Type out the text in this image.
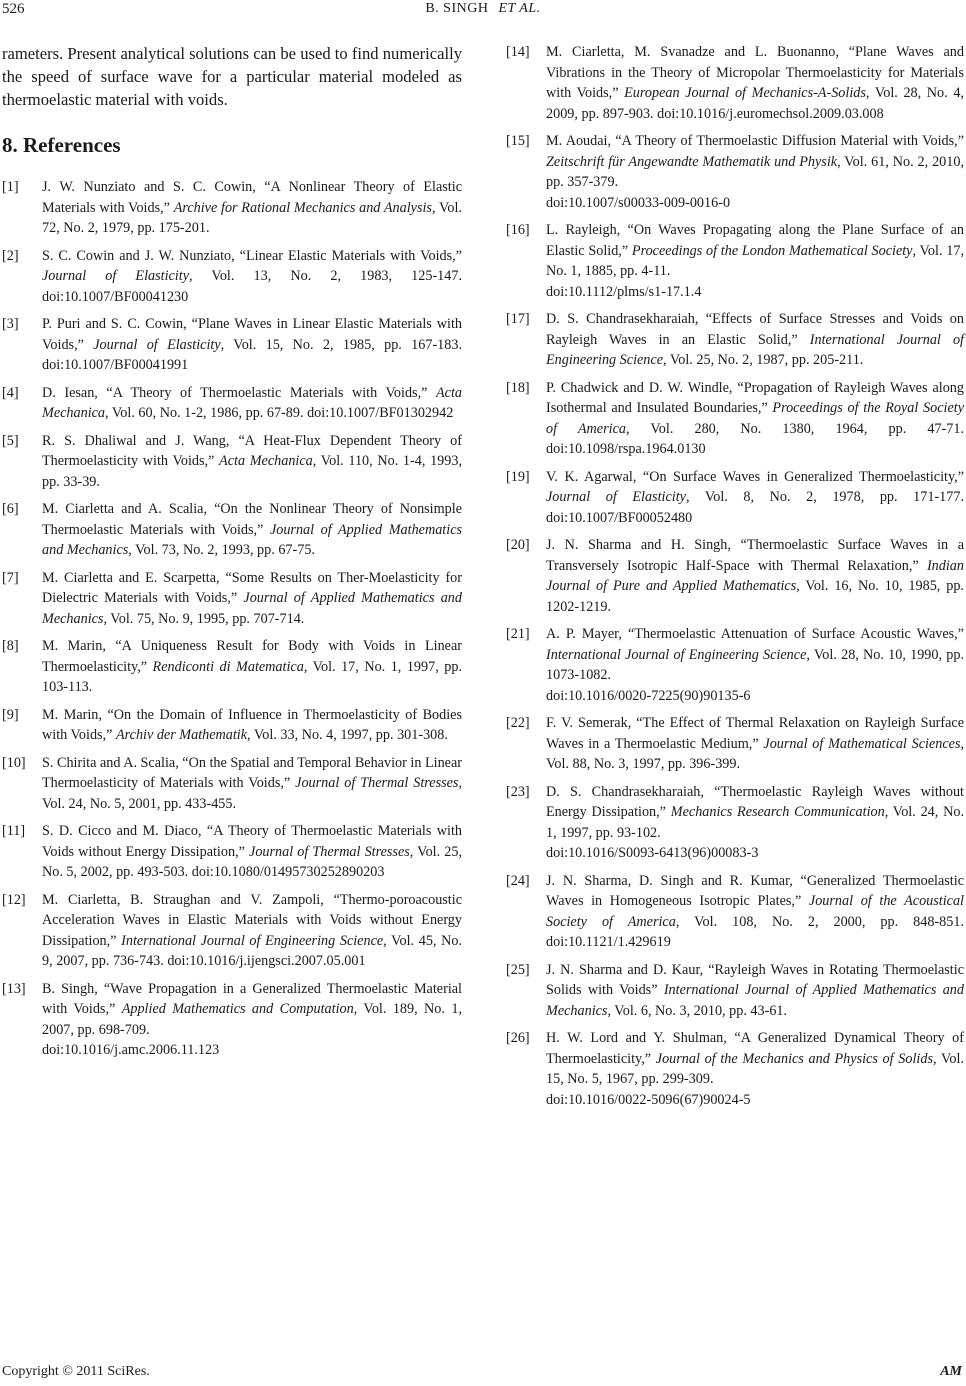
526	B. SINGH ET AL.

rameters. Present analytical solutions can be used to find numerically the speed of surface wave for a particular material modeled as thermoelastic material with voids.

8. References
[1]	J. W. Nunziato and S. C. Cowin, “A Nonlinear Theory of Elastic Materials with Voids,” Archive for Rational Mechanics and Analysis, Vol. 72, No. 2, 1979, pp. 175-201.
[2]	S. C. Cowin and J. W. Nunziato, “Linear Elastic Materials with Voids,” Journal of Elasticity, Vol. 13, No. 2, 1983, 125-147. doi:10.1007/BF00041230
[3]	P. Puri and S. C. Cowin, “Plane Waves in Linear Elastic Materials with Voids,” Journal of Elasticity, Vol. 15, No. 2, 1985, pp. 167-183. doi:10.1007/BF00041991
[4]	D. Iesan, “A Theory of Thermoelastic Materials with Voids,” Acta Mechanica, Vol. 60, No. 1-2, 1986, pp. 67-89. doi:10.1007/BF01302942
[5]	R. S. Dhaliwal and J. Wang, “A Heat-Flux Dependent Theory of Thermoelasticity with Voids,” Acta Mechanica, Vol. 110, No. 1-4, 1993, pp. 33-39.
[6]	M. Ciarletta and A. Scalia, “On the Nonlinear Theory of Nonsimple Thermoelastic Materials with Voids,” Journal of Applied Mathematics and Mechanics, Vol. 73, No. 2, 1993, pp. 67-75.
[7]	M. Ciarletta and E. Scarpetta, “Some Results on Ther-Moelasticity for Dielectric Materials with Voids,” Journal of Applied Mathematics and Mechanics, Vol. 75, No. 9, 1995, pp. 707-714.
[8]	M. Marin, “A Uniqueness Result for Body with Voids in Linear Thermoelasticity,” Rendiconti di Matematica, Vol. 17, No. 1, 1997, pp. 103-113.
[9]	M. Marin, “On the Domain of Influence in Thermoelasticity of Bodies with Voids,” Archiv der Mathematik, Vol. 33, No. 4, 1997, pp. 301-308.
[10]	S. Chirita and A. Scalia, “On the Spatial and Temporal Behavior in Linear Thermoelasticity of Materials with Voids,” Journal of Thermal Stresses, Vol. 24, No. 5, 2001, pp. 433-455.
[11]	S. D. Cicco and M. Diaco, “A Theory of Thermoelastic Materials with Voids without Energy Dissipation,” Journal of Thermal Stresses, Vol. 25, No. 5, 2002, pp. 493-503. doi:10.1080/01495730252890203
[12]	M. Ciarletta, B. Straughan and V. Zampoli, “Thermo-poroacoustic Acceleration Waves in Elastic Materials with Voids without Energy Dissipation,” International Journal of Engineering Science, Vol. 45, No. 9, 2007, pp. 736-743. doi:10.1016/j.ijengsci.2007.05.001
[13]	B. Singh, “Wave Propagation in a Generalized Thermoelastic Material with Voids,” Applied Mathematics and Computation, Vol. 189, No. 1, 2007, pp. 698-709.
doi:10.1016/j.amc.2006.11.123
[14]	M. Ciarletta, M. Svanadze and L. Buonanno, “Plane Waves and Vibrations in the Theory of Micropolar Thermoelasticity for Materials with Voids,” European Journal of Mechanics-A-Solids, Vol. 28, No. 4, 2009, pp. 897-903. doi:10.1016/j.euromechsol.2009.03.008
[15]	M. Aoudai, “A Theory of Thermoelastic Diffusion Material with Voids,” Zeitschrift für Angewandte Mathematik und Physik, Vol. 61, No. 2, 2010, pp. 357-379.
doi:10.1007/s00033-009-0016-0
[16]	L. Rayleigh, “On Waves Propagating along the Plane Surface of an Elastic Solid,” Proceedings of the London Mathematical Society, Vol. 17, No. 1, 1885, pp. 4-11.
doi:10.1112/plms/s1-17.1.4
[17]	D. S. Chandrasekharaiah, “Effects of Surface Stresses and Voids on Rayleigh Waves in an Elastic Solid,” International Journal of Engineering Science, Vol. 25, No. 2, 1987, pp. 205-211.
[18]	P. Chadwick and D. W. Windle, “Propagation of Rayleigh Waves along Isothermal and Insulated Boundaries,” Proceedings of the Royal Society of America, Vol. 280, No. 1380, 1964, pp. 47-71. doi:10.1098/rspa.1964.0130
[19]	V. K. Agarwal, “On Surface Waves in Generalized Thermoelasticity,” Journal of Elasticity, Vol. 8, No. 2, 1978, pp. 171-177. doi:10.1007/BF00052480
[20]	J. N. Sharma and H. Singh, “Thermoelastic Surface Waves in a Transversely Isotropic Half-Space with Thermal Relaxation,” Indian Journal of Pure and Applied Mathematics, Vol. 16, No. 10, 1985, pp. 1202-1219.
[21]	A. P. Mayer, “Thermoelastic Attenuation of Surface Acoustic Waves,” International Journal of Engineering Science, Vol. 28, No. 10, 1990, pp. 1073-1082.
doi:10.1016/0020-7225(90)90135-6
[22]	F. V. Semerak, “The Effect of Thermal Relaxation on Rayleigh Surface Waves in a Thermoelastic Medium,” Journal of Mathematical Sciences, Vol. 88, No. 3, 1997, pp. 396-399.
[23]	D. S. Chandrasekharaiah, “Thermoelastic Rayleigh Waves without Energy Dissipation,” Mechanics Research Communication, Vol. 24, No. 1, 1997, pp. 93-102.
doi:10.1016/S0093-6413(96)00083-3
[24]	J. N. Sharma, D. Singh and R. Kumar, “Generalized Thermoelastic Waves in Homogeneous Isotropic Plates,” Journal of the Acoustical Society of America, Vol. 108, No. 2, 2000, pp. 848-851. doi:10.1121/1.429619
[25]	J. N. Sharma and D. Kaur, “Rayleigh Waves in Rotating Thermoelastic Solids with Voids” International Journal of Applied Mathematics and Mechanics, Vol. 6, No. 3, 2010, pp. 43-61.
[26]	H. W. Lord and Y. Shulman, “A Generalized Dynamical Theory of Thermoelasticity,” Journal of the Mechanics and Physics of Solids, Vol. 15, No. 5, 1967, pp. 299-309.
doi:10.1016/0022-5096(67)90024-5
Copyright © 2011 SciRes.	AM
